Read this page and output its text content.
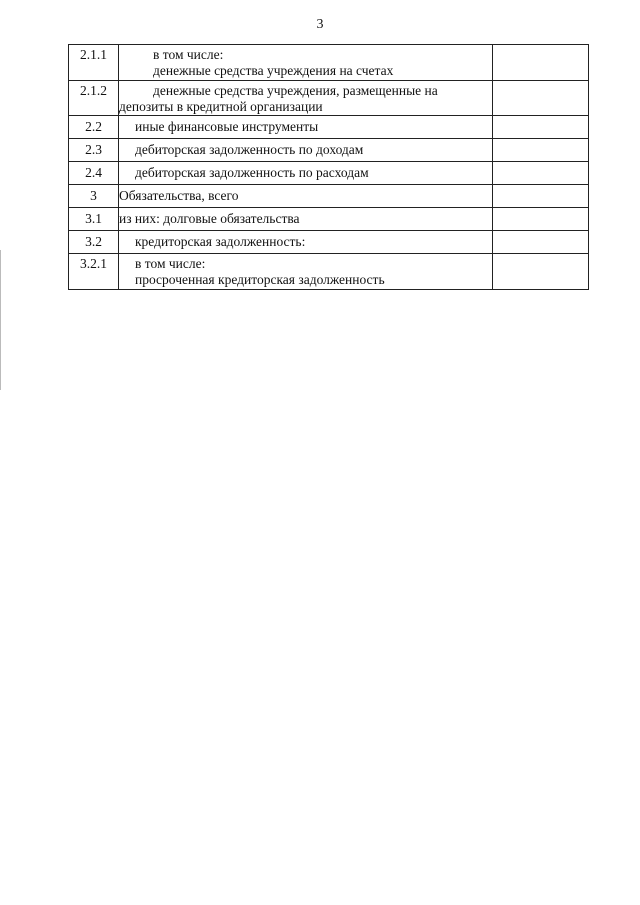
3
2.1.1	в том числе:
денежные средства учреждения на счетах	

2.1.2	денежные средства учреждения, размещенные на
депозиты в кредитной организации	

2.2	иные финансовые инструменты	

2.3	дебиторская задолженность по доходам	

2.4	дебиторская задолженность по расходам	

3	Обязательства, всего	

3.1	из них: долговые обязательства	

3.2	кредиторская задолженность:	

3.2.1	в том числе:
просроченная кредиторская задолженность	
